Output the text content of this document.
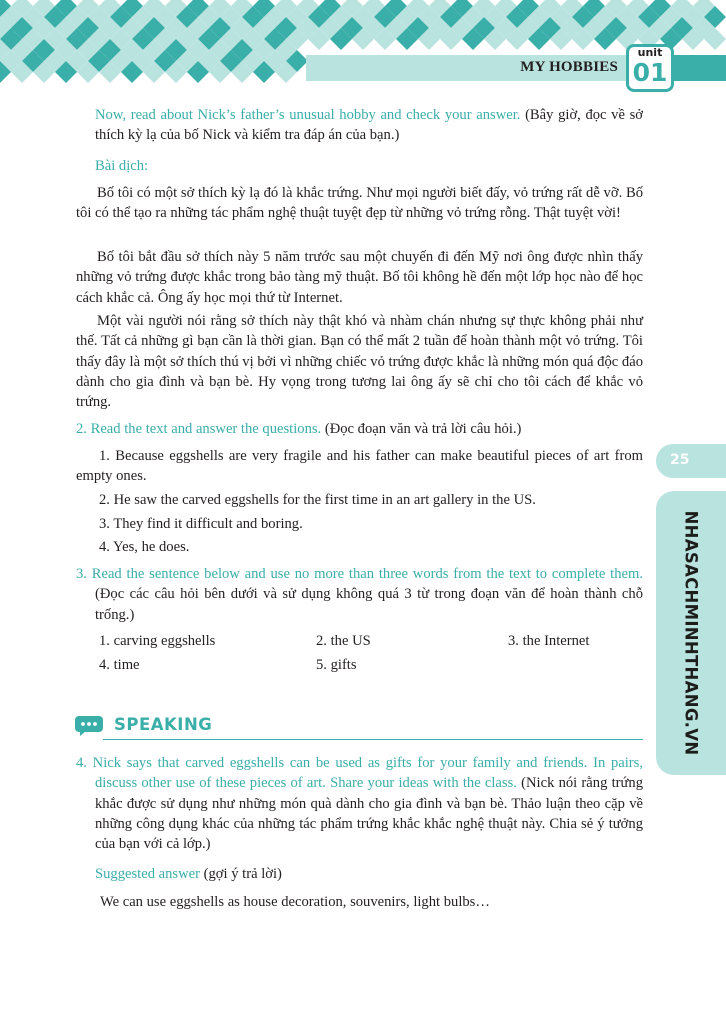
MY HOBBIES
unit
01

Now, read about Nick’s father’s unusual hobby and check your answer. (Bây giờ, đọc về sở thích kỳ lạ của bố Nick và kiểm tra đáp án của bạn.)

Bài dịch:

Bố tôi có một sở thích kỳ lạ đó là khắc trứng. Như mọi người biết đấy, vỏ trứng rất dễ vỡ. Bố tôi có thể tạo ra những tác phẩm nghệ thuật tuyệt đẹp từ những vỏ trứng rỗng. Thật tuyệt vời!

Bố tôi bắt đầu sở thích này 5 năm trước sau một chuyến đi đến Mỹ nơi ông được nhìn thấy những vỏ trứng được khắc trong bảo tàng mỹ thuật. Bố tôi không hề đến một lớp học nào để học cách khắc cả. Ông ấy học mọi thứ từ Internet.

Một vài người nói rằng sở thích này thật khó và nhàm chán nhưng sự thực không phải như thế. Tất cả những gì bạn cần là thời gian. Bạn có thể mất 2 tuần để hoàn thành một vỏ trứng. Tôi thấy đây là một sở thích thú vị bởi vì những chiếc vỏ trứng được khắc là những món quá độc đáo dành cho gia đình và bạn bè. Hy vọng trong tương lai ông ấy sẽ chỉ cho tôi cách để khắc vỏ trứng.

2. Read the text and answer the questions. (Đọc đoạn văn và trả lời câu hỏi.)

1. Because eggshells are very fragile and his father can make beautiful pieces of art from empty ones.

2. He saw the carved eggshells for the first time in an art gallery in the US.

3. They find it difficult and boring.

4. Yes, he does.

3. Read the sentence below and use no more than three words from the text to complete them. (Đọc các câu hỏi bên dưới và sử dụng không quá 3 từ trong đoạn văn để hoàn thành chỗ trống.)

1. carving eggshells	2. the US	3. the Internet
4. time	5. gifts
SPEAKING

4. Nick says that carved eggshells can be used as gifts for your family and friends. In pairs, discuss other use of these pieces of art. Share your ideas with the class. (Nick nói rằng trứng khắc được sử dụng như những món quà dành cho gia đình và bạn bè. Thảo luận theo cặp về những công dụng khác của những tác phẩm trứng khắc khắc nghệ thuật này. Chia sẻ ý tưởng của bạn với cả lớp.)

Suggested answer (gợi ý trả lời)

We can use eggshells as house decoration, souvenirs, light bulbs…

25
NHASACHMINHTHANG.VN
